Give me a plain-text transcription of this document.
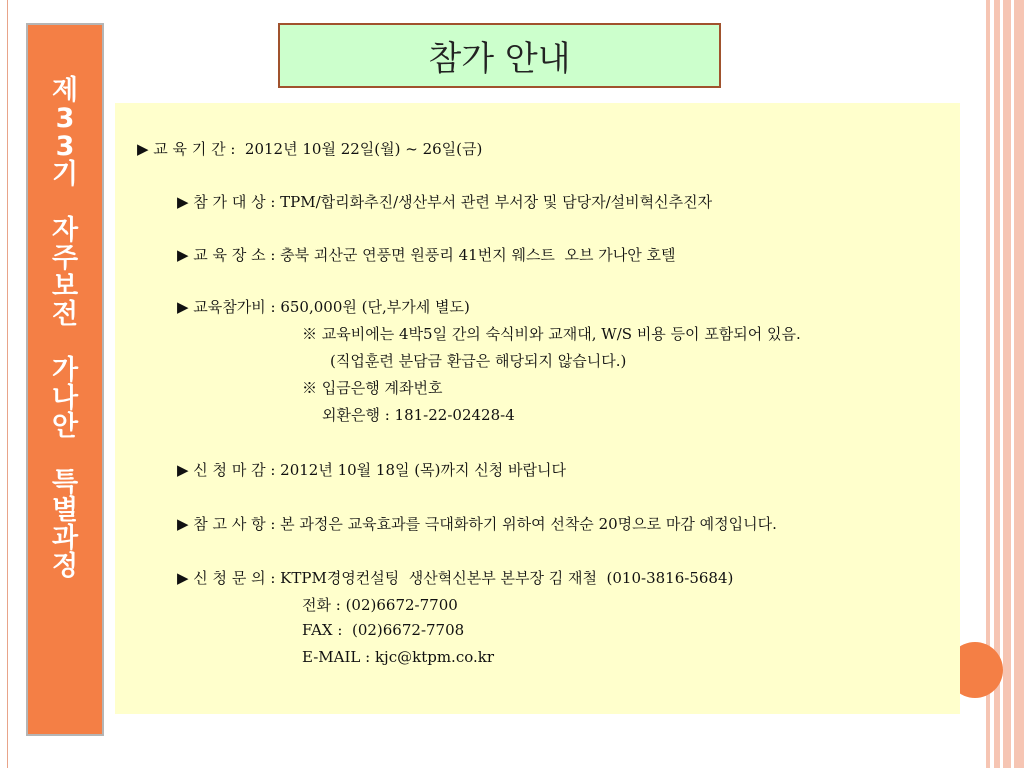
제
3
3
기

자
주
보
전

가
나
안

특
별
과
정
참가 안내
▶ 교 육 기 간 :  2012년 10월 22일(월) ~ 26일(금)
▶ 참 가 대 상 : TPM/합리화추진/생산부서 관련 부서장 및 담당자/설비혁신추진자
▶ 교 육 장 소 : 충북 괴산군 연풍면 원풍리 41번지 웨스트  오브 가나안 호텔
▶ 교육참가비 : 650,000원 (단,부가세 별도)
※ 교육비에는 4박5일 간의 숙식비와 교재대, W/S 비용 등이 포함되어 있음.
(직업훈련 분담금 환급은 해당되지 않습니다.)
※ 입금은행 계좌번호
외환은행 : 181-22-02428-4
▶ 신 청 마 감 : 2012년 10월 18일 (목)까지 신청 바랍니다
▶ 참 고 사 항 : 본 과정은 교육효과를 극대화하기 위하여 선착순 20명으로 마감 예정입니다.
▶ 신 청 문 의 : KTPM경영컨설팅  생산혁신본부 본부장 김 재철  (010-3816-5684)
전화 : (02)6672-7700
FAX :  (02)6672-7708
E-MAIL : kjc@ktpm.co.kr
